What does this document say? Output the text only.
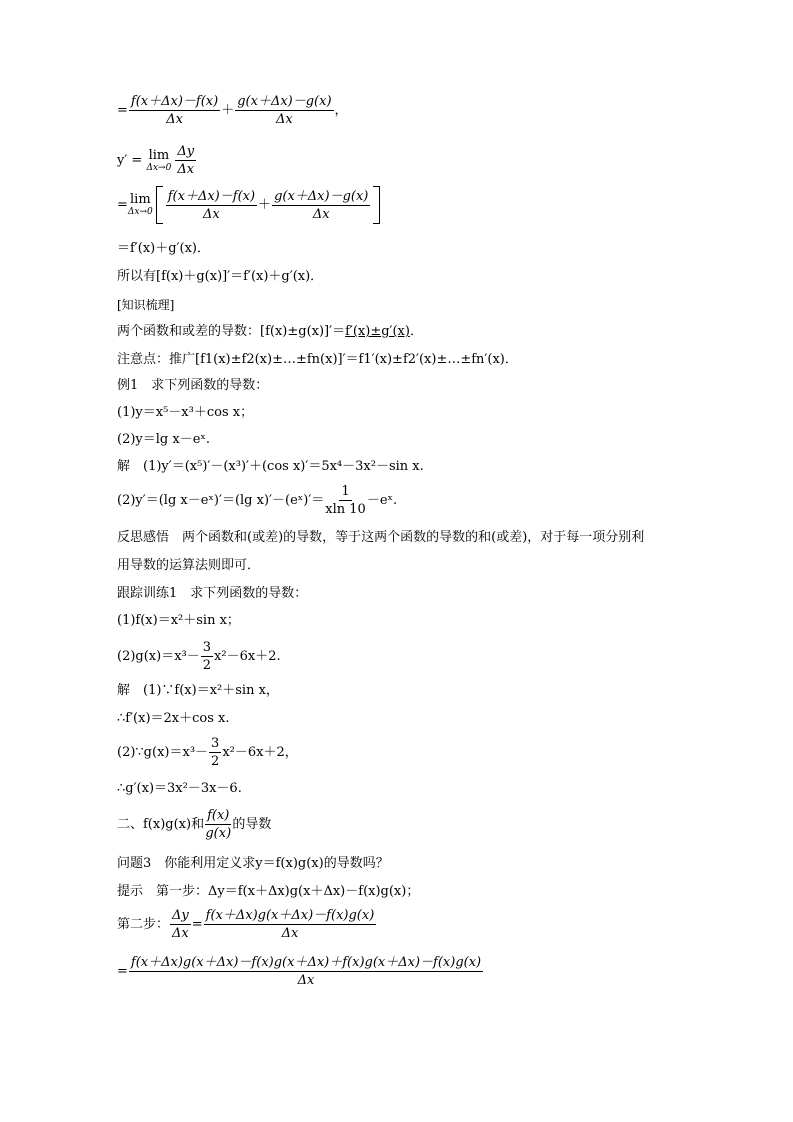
= $\frac{f(x+\Delta x)-f(x)}{\Delta x} + \frac{g(x+\Delta x)-g(x)}{\Delta x}$ ，
y′ = lim
$\Delta x\to 0 \frac{\Delta y}{\Delta x}$
= lim
$\Delta x\to 0 \frac{f(x+\Delta x)-f(x)}{\Delta x} + \frac{g(x+\Delta x)-g(x)}{\Delta x}$
＝f′(x)＋g′(x)．
所以有[f(x)＋g(x)]′＝f′(x)＋g′(x)．
[知识梳理]
两个函数和或差的导数：[f(x)±g(x)]′＝f′(x)±g′(x)．
注意点：推广[f1(x)±f2(x)±…±fn(x)]′＝f1′(x)±f2′(x)±…±fn′(x)．
例1　求下列函数的导数：
(1)y＝x⁵－x³＋cos x；
(2)y＝lg x－eˣ.
解　(1)y′＝(x⁵)′－(x³)′＋(cos x)′＝5x⁴－3x²－sin x.
(2)y′＝(lg x－eˣ)′＝(lg x)′－(eˣ)′＝ $\frac{1}{xln 10}$ －eˣ.
反思感悟　两个函数和(或差)的导数，等于这两个函数的导数的和(或差)，对于每一项分别利
用导数的运算法则即可．
跟踪训练1　求下列函数的导数：
(1)f(x)＝x²＋sin x；
$(2)g(x)=x^3- \frac{3}{2} x^2-6x+2$.
解　(1)∵f(x)＝x²＋sin x，
∴f′(x)＝2x＋cos x.
(2)∵g(x)＝x³－ $\frac{3}{2} x^2-6x+2$，
∴g′(x)＝3x²－3x－6.
二、f(x)g(x)和 $\frac{f(x)}{g(x)}$ 的导数
问题3　你能利用定义求y＝f(x)g(x)的导数吗？
提示　第一步：Δy＝f(x＋Δx)g(x＋Δx)－f(x)g(x)；
第二步： $\frac{\Delta y}{\Delta x} = \frac{f(x+\Delta x)g(x+\Delta x)-f(x)g(x)}{\Delta x}$
= $\frac{f(x+\Delta x)g(x+\Delta x)-f(x)g(x+\Delta x)+f(x)g(x+\Delta x)-f(x)g(x)}{\Delta x}$
